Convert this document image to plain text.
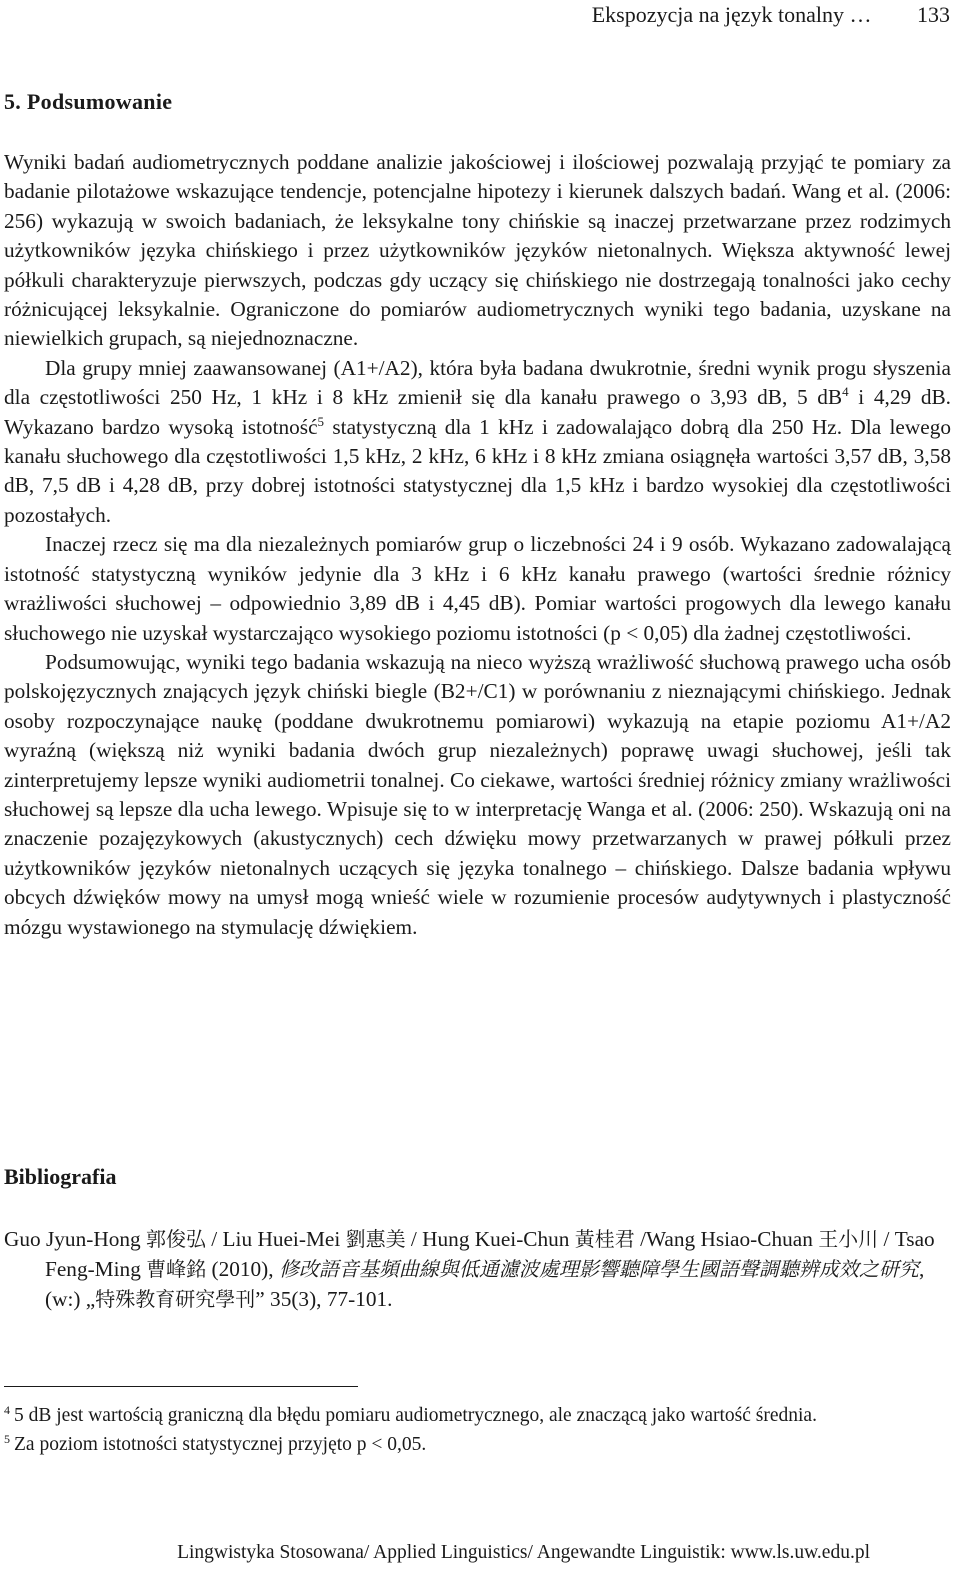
Ekspozycja na język tonalny … 133
5. Podsumowanie

Wyniki badań audiometrycznych poddane analizie jakościowej i ilościowej pozwalają przyjąć te pomiary za badanie pilotażowe wskazujące tendencje, potencjalne hipotezy i kierunek dalszych badań. Wang et al. (2006: 256) wykazują w swoich badaniach, że leksykalne tony chińskie są inaczej przetwarzane przez rodzimych użytkowników języka chińskiego i przez użytkowników języków nietonalnych. Większa aktywność lewej półkuli charakteryzuje pierwszych, podczas gdy uczący się chińskiego nie dostrzegają tonalności jako cechy różnicującej leksykalnie. Ograniczone do pomiarów audiometrycznych wyniki tego badania, uzyskane na niewielkich grupach, są niejednoznaczne.

Dla grupy mniej zaawansowanej (A1+/A2), która była badana dwukrotnie, średni wynik progu słyszenia dla częstotliwości 250 Hz, 1 kHz i 8 kHz zmienił się dla kanału prawego o 3,93 dB, 5 $dB^4$ i 4,29 dB. Wykazano bardzo wysoką istotność$^5$ statystyczną dla 1 kHz i zadowalająco dobrą dla 250 Hz. Dla lewego kanału słuchowego dla częstotliwości 1,5 kHz, 2 kHz, 6 kHz i 8 kHz zmiana osiągnęła wartości 3,57 dB, 3,58 dB, 7,5 dB i 4,28 dB, przy dobrej istotności statystycznej dla 1,5 kHz i bardzo wysokiej dla częstotliwości pozostałych.

Inaczej rzecz się ma dla niezależnych pomiarów grup o liczebności 24 i 9 osób. Wykazano zadowalającą istotność statystyczną wyników jedynie dla 3 kHz i 6 kHz kanału prawego (wartości średnie różnicy wrażliwości słuchowej – odpowiednio 3,89 dB i 4,45 dB). Pomiar wartości progowych dla lewego kanału słuchowego nie uzyskał wystarczająco wysokiego poziomu istotności (p < 0,05) dla żadnej częstotliwości.

Podsumowując, wyniki tego badania wskazują na nieco wyższą wrażliwość słuchową prawego ucha osób polskojęzycznych znających język chiński biegle (B2+/C1) w porównaniu z nieznającymi chińskiego. Jednak osoby rozpoczynające naukę (poddane dwukrotnemu pomiarowi) wykazują na etapie poziomu A1+/A2 wyraźną (większą niż wyniki badania dwóch grup niezależnych) poprawę uwagi słuchowej, jeśli tak zinterpretujemy lepsze wyniki audiometrii tonalnej. Co ciekawe, wartości średniej różnicy zmiany wrażliwości słuchowej są lepsze dla ucha lewego. Wpisuje się to w interpretację Wanga et al. (2006: 250). Wskazują oni na znaczenie pozajęzykowych (akustycznych) cech dźwięku mowy przetwarzanych w prawej półkuli przez użytkowników języków nietonalnych uczących się języka tonalnego – chińskiego. Dalsze badania wpływu obcych dźwięków mowy na umysł mogą wnieść wiele w rozumienie procesów audytywnych i plastyczność mózgu wystawionego na stymulację dźwiękiem.

Bibliografia

Guo Jyun-Hong 郭俊弘 / Liu Huei-Mei 劉惠美 / Hung Kuei-Chun 黃桂君 /Wang Hsiao-Chuan 王小川 / Tsao Feng-Ming 曹峰銘 (2010), 修改語音基頻曲線與低通濾波處理影響聽障學生國語聲調聽辨成效之研究, (w:) „特殊教育研究學刊” 35(3), 77-101.

$^4$ 5 dB jest wartością graniczną dla błędu pomiaru audiometrycznego, ale znaczącą jako wartość średnia.

$^5$ Za poziom istotności statystycznej przyjęto p < 0,05.

Lingwistyka Stosowana/ Applied Linguistics/ Angewandte Linguistik: www.ls.uw.edu.pl
